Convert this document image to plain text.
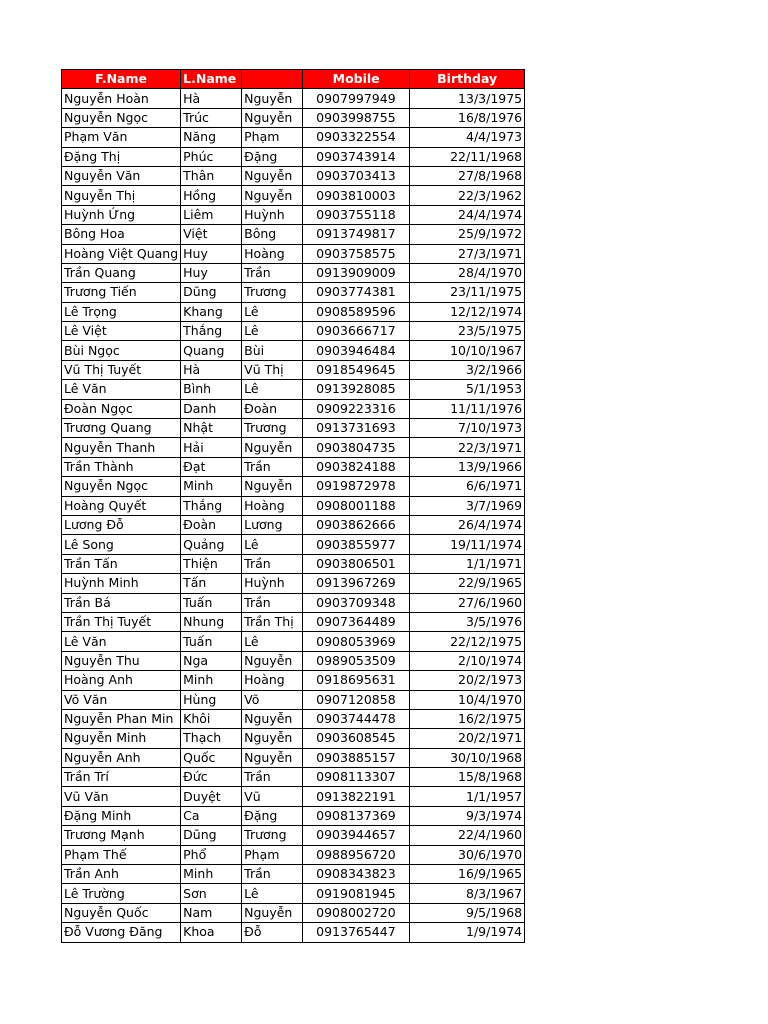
F.Name	L.Name		Mobile	Birthday
Nguyễn Hoàn	Hà	Nguyễn	0907997949	13/3/1975
Nguyễn Ngọc	Trúc	Nguyễn	0903998755	16/8/1976
Phạm Văn	Năng	Phạm	0903322554	4/4/1973
Đặng Thị	Phúc	Đặng	0903743914	22/11/1968
Nguyễn Văn	Thân	Nguyễn	0903703413	27/8/1968
Nguyễn Thị	Hồng	Nguyễn	0903810003	22/3/1962
Huỳnh Ứng	Liêm	Huỳnh	0903755118	24/4/1974
Bông Hoa	Việt	Bông	0913749817	25/9/1972
Hoàng Việt Quang	Huy	Hoàng	0903758575	27/3/1971
Trần Quang	Huy	Trần	0913909009	28/4/1970
Trương Tiến	Dũng	Trương	0903774381	23/11/1975
Lê Trọng	Khang	Lê	0908589596	12/12/1974
Lê Việt	Thắng	Lê	0903666717	23/5/1975
Bùi Ngọc	Quang	Bùi	0903946484	10/10/1967
Vũ Thị Tuyết	Hà	Vũ Thị	0918549645	3/2/1966
Lê Văn	Bình	Lê	0913928085	5/1/1953
Đoàn Ngọc	Danh	Đoàn	0909223316	11/11/1976
Trương Quang	Nhật	Trương	0913731693	7/10/1973
Nguyễn Thanh	Hải	Nguyễn	0903804735	22/3/1971
Trần Thành	Đạt	Trần	0903824188	13/9/1966
Nguyễn Ngọc	Minh	Nguyễn	0919872978	6/6/1971
Hoàng Quyết	Thắng	Hoàng	0908001188	3/7/1969
Lương Đỗ	Đoàn	Lương	0903862666	26/4/1974
Lê Song	Quảng	Lê	0903855977	19/11/1974
Trần Tấn	Thiện	Trần	0903806501	1/1/1971
Huỳnh Minh	Tấn	Huỳnh	0913967269	22/9/1965
Trần Bá	Tuấn	Trần	0903709348	27/6/1960
Trần Thị Tuyết	Nhung	Trần Thị	0907364489	3/5/1976
Lê Văn	Tuấn	Lê	0908053969	22/12/1975
Nguyễn Thu	Nga	Nguyễn	0989053509	2/10/1974
Hoàng Anh	Minh	Hoàng	0918695631	20/2/1973
Võ Văn	Hùng	Võ	0907120858	10/4/1970
Nguyễn Phan Min	Khôi	Nguyễn	0903744478	16/2/1975
Nguyễn Minh	Thạch	Nguyễn	0903608545	20/2/1971
Nguyễn Anh	Quốc	Nguyễn	0903885157	30/10/1968
Trần Trí	Đức	Trần	0908113307	15/8/1968
Vũ Văn	Duyệt	Vũ	0913822191	1/1/1957
Đặng Minh	Ca	Đặng	0908137369	9/3/1974
Trương Mạnh	Dũng	Trương	0903944657	22/4/1960
Phạm Thế	Phổ	Phạm	0988956720	30/6/1970
Trần Anh	Minh	Trần	0908343823	16/9/1965
Lê Trường	Sơn	Lê	0919081945	8/3/1967
Nguyễn Quốc	Nam	Nguyễn	0908002720	9/5/1968
Đỗ Vương Đăng	Khoa	Đỗ	0913765447	1/9/1974
